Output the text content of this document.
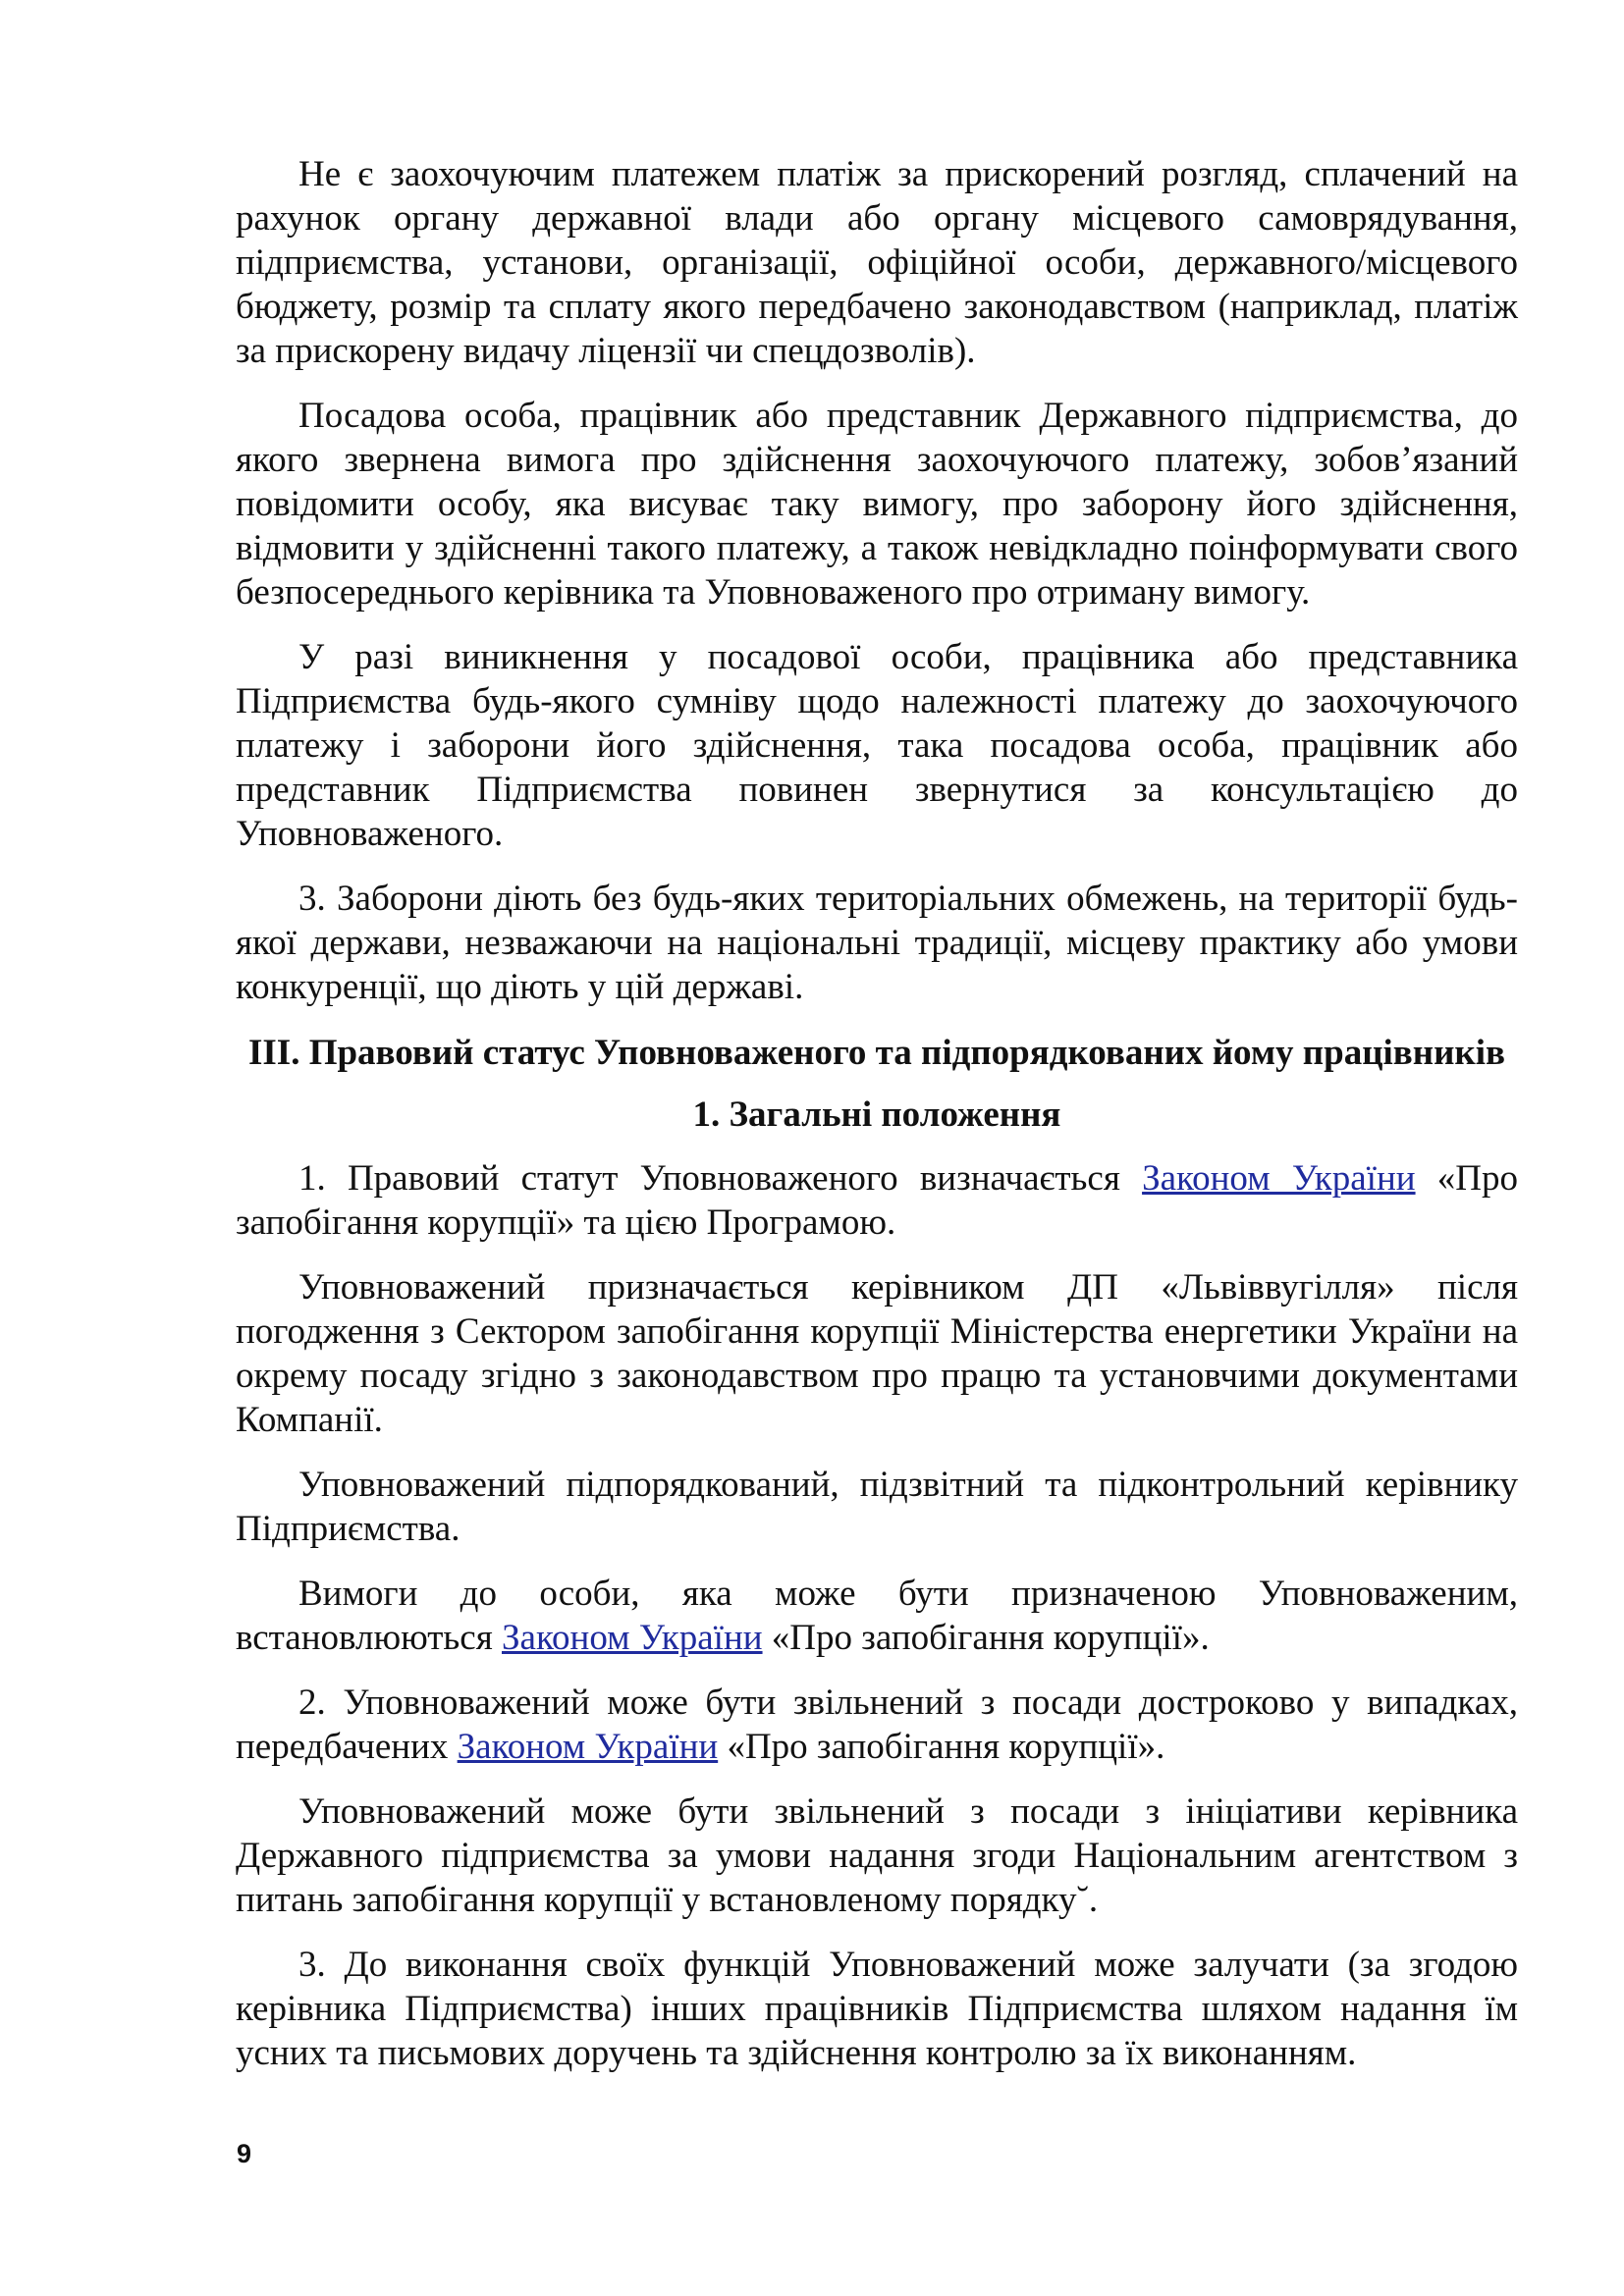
Не є заохочуючим платежем платіж за прискорений розгляд, сплачений на рахунок органу державної влади або органу місцевого самоврядування, підприємства, установи, організації, офіційної особи, державного/місцевого бюджету, розмір та сплату якого передбачено законодавством (наприклад, платіж за прискорену видачу ліцензії чи спецдозволів).

Посадова особа, працівник або представник Державного підприємства, до якого звернена вимога про здійснення заохочуючого платежу, зобов’язаний повідомити особу, яка висуває таку вимогу, про заборону його здійснення, відмовити у здійсненні такого платежу, а також невідкладно поінформувати свого безпосереднього керівника та Уповноваженого про отриману вимогу.

У разі виникнення у посадової особи, працівника або представника Підприємства будь-якого сумніву щодо належності платежу до заохочуючого платежу і заборони його здійснення, така посадова особа, працівник або представник Підприємства повинен звернутися за консультацією до Уповноваженого.

3. Заборони діють без будь-яких територіальних обмежень, на території будь-якої держави, незважаючи на національні традиції, місцеву практику або умови конкуренції, що діють у цій державі.

III. Правовий статус Уповноваженого та підпорядкованих йому працівників
1. Загальні положення

1. Правовий статут Уповноваженого визначається Законом України «Про запобігання корупції» та цією Програмою.

Уповноважений призначається керівником ДП «Львіввугілля» після погодження з Сектором запобігання корупції Міністерства енергетики України на окрему посаду згідно з законодавством про працю та установчими документами Компанії.

Уповноважений підпорядкований, підзвітний та підконтрольний керівнику Підприємства.

Вимоги до особи, яка може бути призначеною Уповноваженим, встановлюються Законом України «Про запобігання корупції».

2. Уповноважений може бути звільнений з посади достроково у випадках, передбачених Законом України «Про запобігання корупції».

Уповноважений може бути звільнений з посади з ініціативи керівника Державного підприємства за умови надання згоди Національним агентством з питань запобігання корупції у встановленому порядку˘.

3. До виконання своїх функцій Уповноважений може залучати (за згодою керівника Підприємства) інших працівників Підприємства шляхом надання їм усних та письмових доручень та здійснення контролю за їх виконанням.

9
